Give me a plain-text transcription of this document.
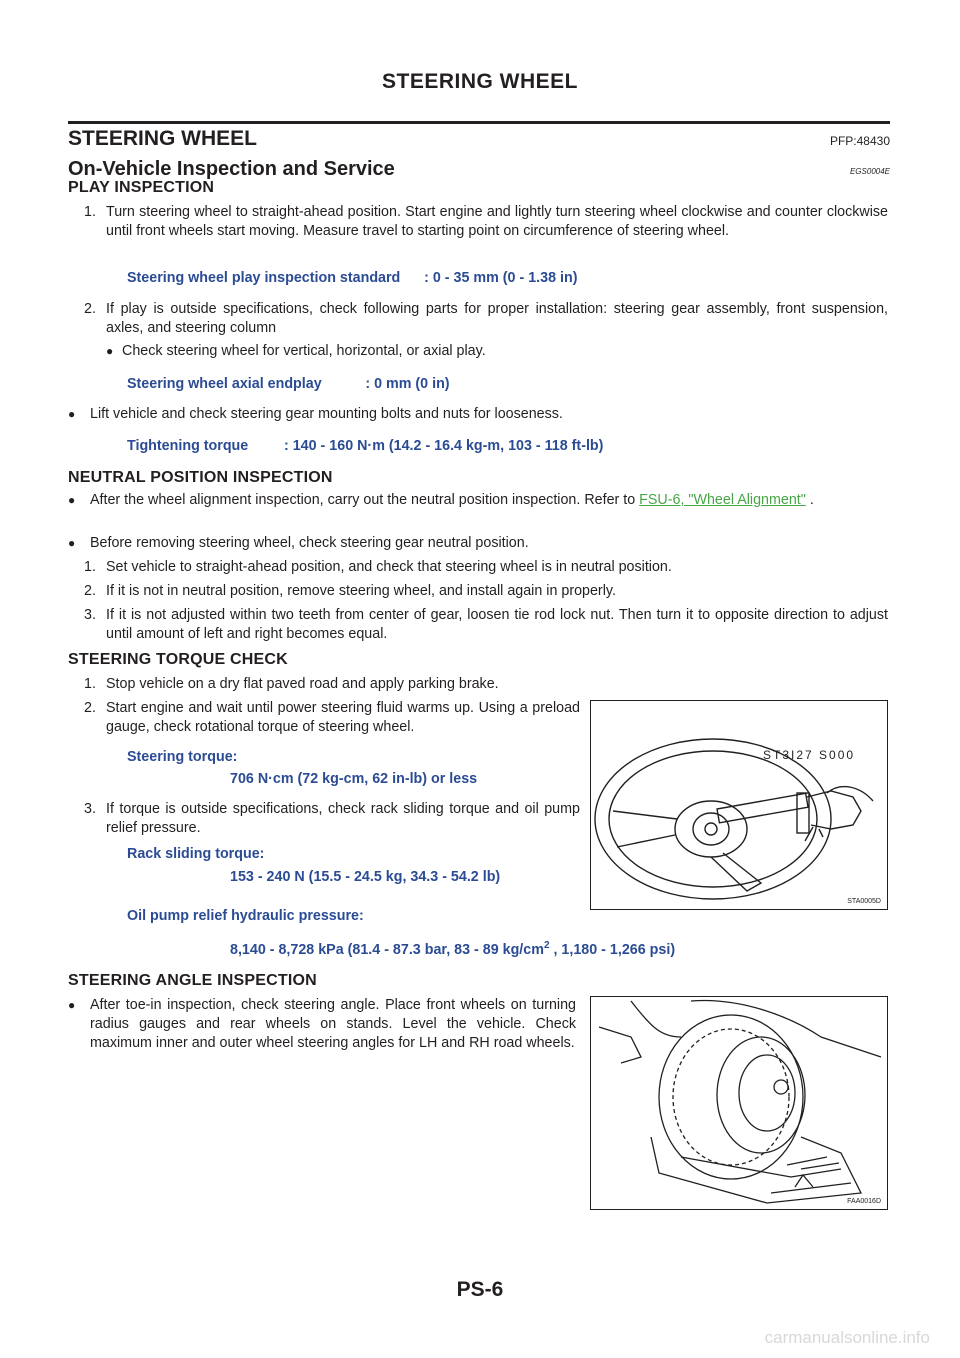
STEERING WHEEL
STEERING WHEEL	PFP:48430
On-Vehicle Inspection and Service	EGS0004E
PLAY INSPECTION
1. Turn steering wheel to straight-ahead position. Start engine and lightly turn steering wheel clockwise and counter clockwise until front wheels start moving. Measure travel to starting point on circumference of steering wheel.
Steering wheel play inspection standard      : 0 - 35 mm (0 - 1.38 in)
2. If play is outside specifications, check following parts for proper installation: steering gear assembly, front suspension, axles, and steering column
● Check steering wheel for vertical, horizontal, or axial play.
Steering wheel axial endplay           : 0 mm (0 in)
● Lift vehicle and check steering gear mounting bolts and nuts for looseness.
Tightening torque         : 140 - 160 N·m (14.2 - 16.4 kg-m, 103 - 118 ft-lb)
NEUTRAL POSITION INSPECTION
● After the wheel alignment inspection, carry out the neutral position inspection. Refer to FSU-6, "Wheel Alignment" .
● Before removing steering wheel, check steering gear neutral position.
1. Set vehicle to straight-ahead position, and check that steering wheel is in neutral position.
2. If it is not in neutral position, remove steering wheel, and install again in properly.
3. If it is not adjusted within two teeth from center of gear, loosen tie rod lock nut. Then turn it to opposite direction to adjust until amount of left and right becomes equal.
STEERING TORQUE CHECK
1. Stop vehicle on a dry flat paved road and apply parking brake.
2. Start engine and wait until power steering fluid warms up. Using a preload gauge, check rotational torque of steering wheel.
Steering torque:
706 N·cm (72 kg-cm, 62 in-lb) or less
3. If torque is outside specifications, check rack sliding torque and oil pump relief pressure.
Rack sliding torque:
153 - 240 N (15.5 - 24.5 kg, 34.3 - 54.2 lb)
Oil pump relief hydraulic pressure:
8,140 - 8,728 kPa (81.4 - 87.3 bar, 83 - 89 $kg/cm^2$ , 1,180 - 1,266 psi)
ST3I27 S000
STA0005D
STEERING ANGLE INSPECTION
● After toe-in inspection, check steering angle. Place front wheels on turning radius gauges and rear wheels on stands. Level the vehicle. Check maximum inner and outer wheel steering angles for LH and RH road wheels.
FAA0016D
PS-6
carmanualsonline.info
